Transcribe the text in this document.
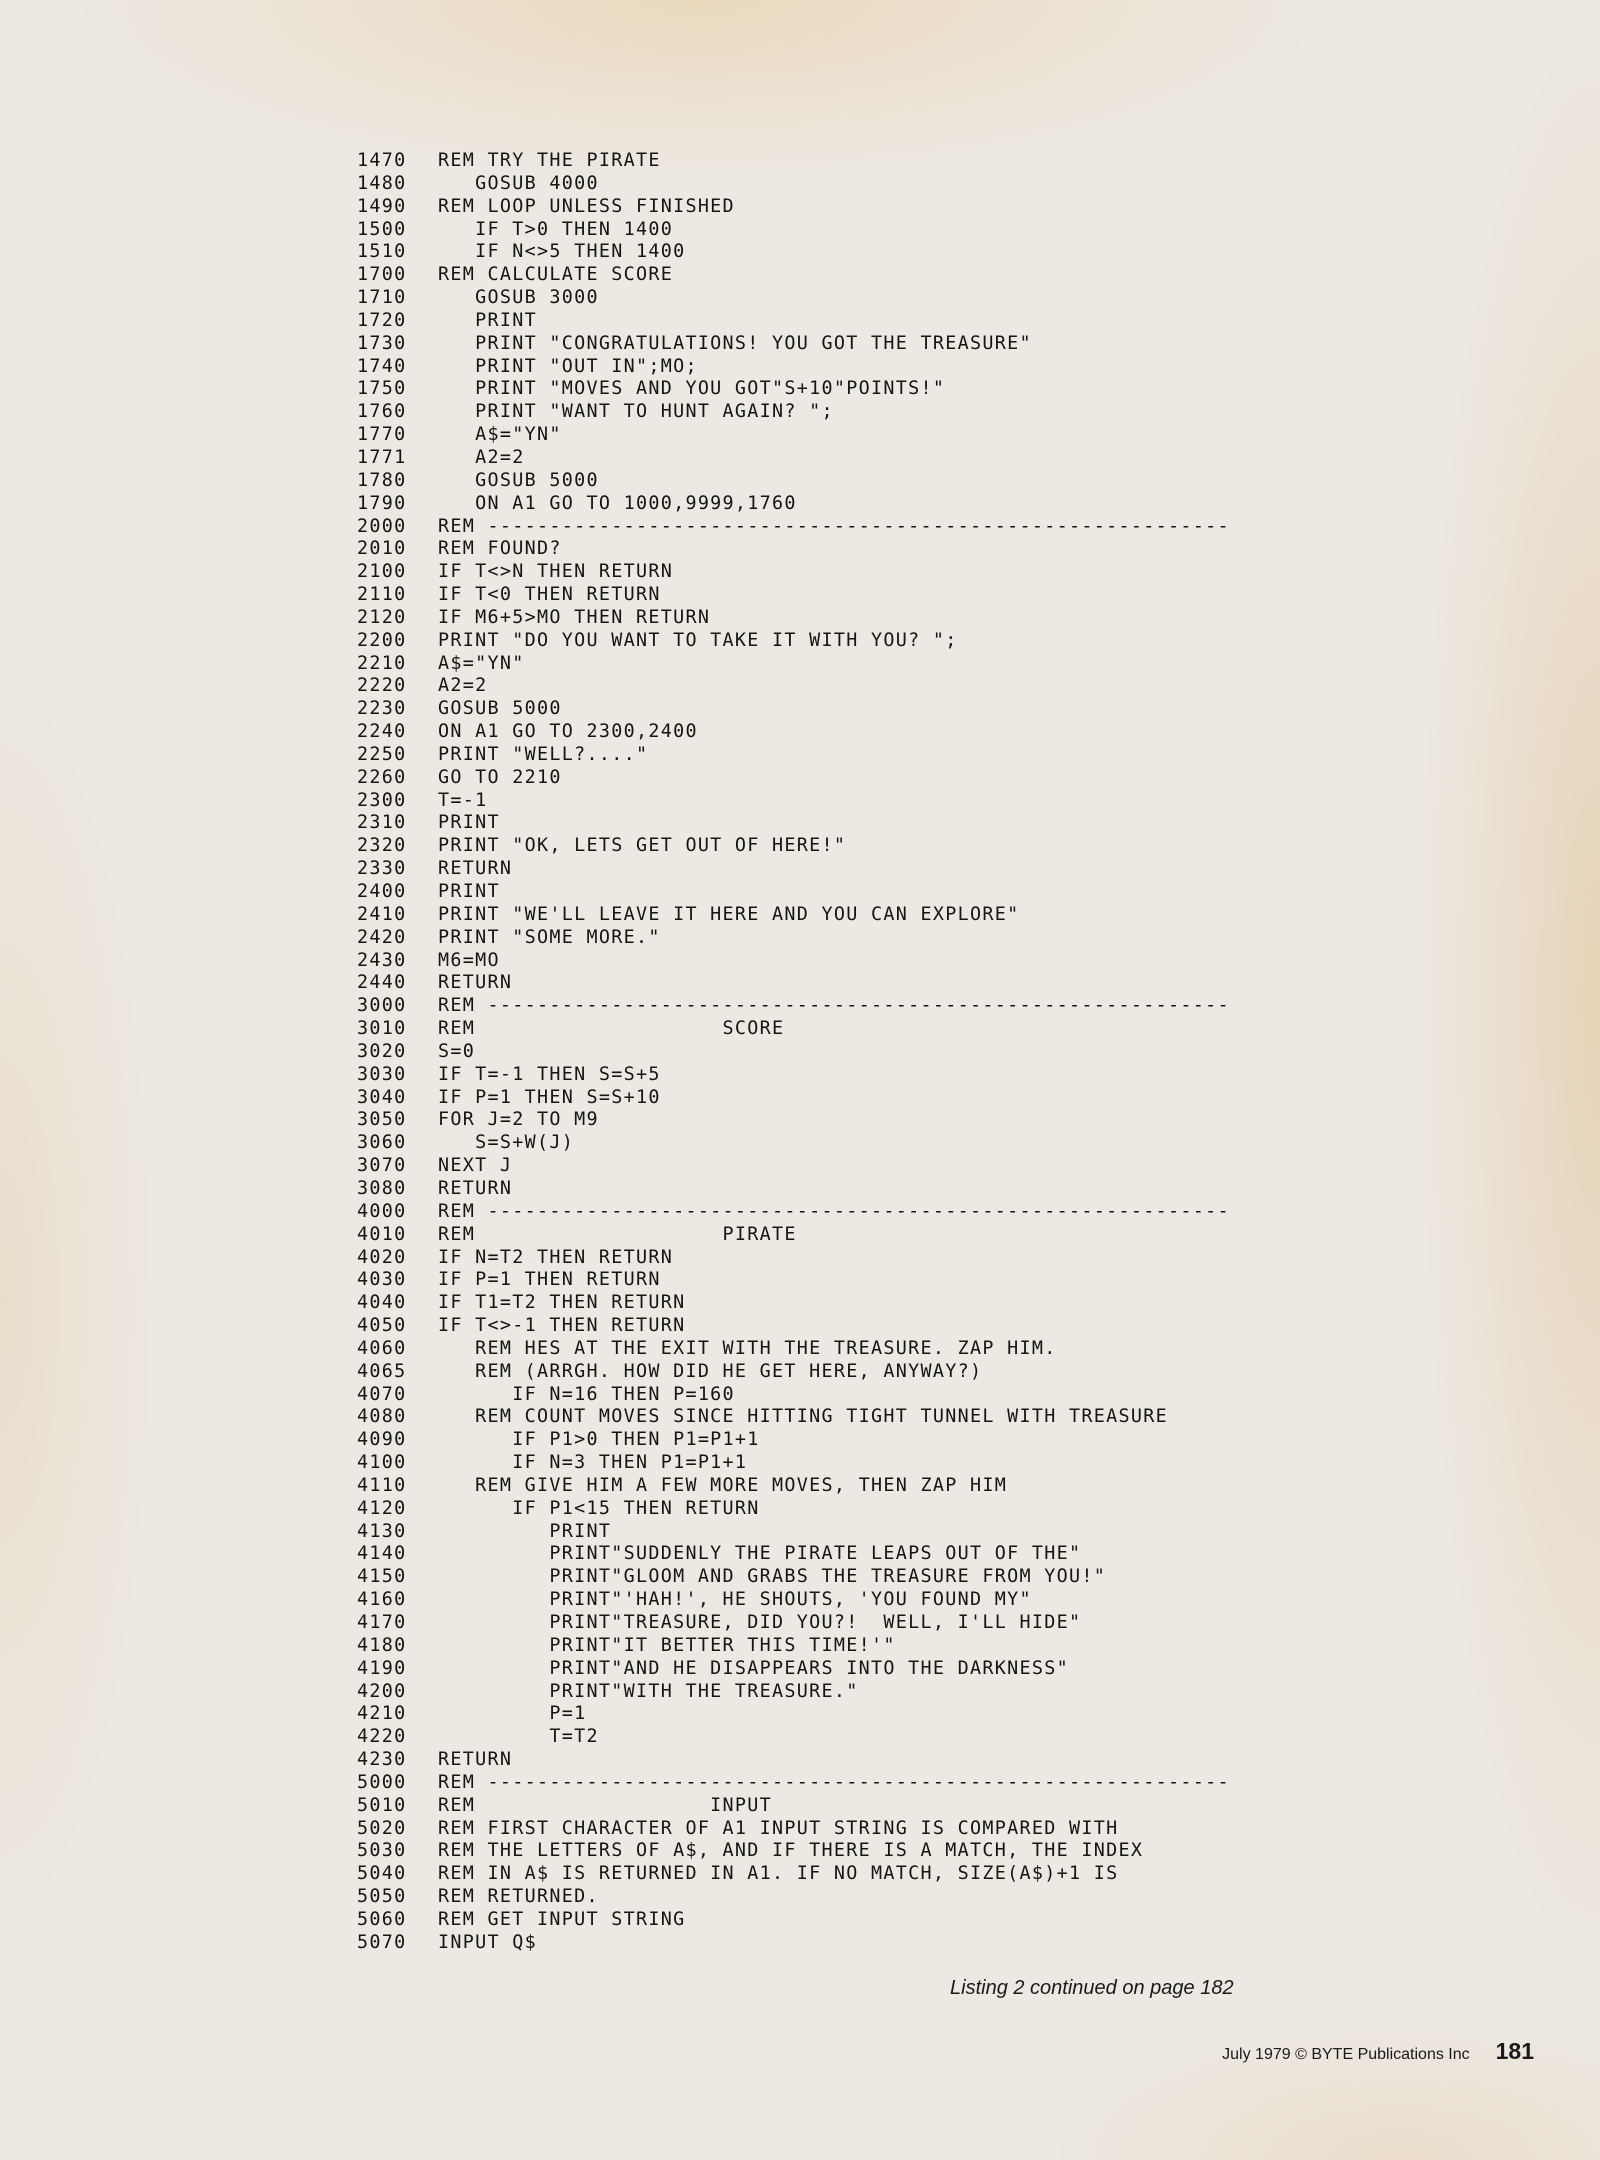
1470	REM TRY THE PIRATE
1480	GOSUB 4000
1490	REM LOOP UNLESS FINISHED
1500	IF T>0 THEN 1400
1510	IF N<>5 THEN 1400
1700	REM CALCULATE SCORE
1710	GOSUB 3000
1720	PRINT
1730	PRINT "CONGRATULATIONS! YOU GOT THE TREASURE"
1740	PRINT "OUT IN";MO;
1750	PRINT "MOVES AND YOU GOT"S+10"POINTS!"
1760	PRINT "WANT TO HUNT AGAIN? ";
1770	A$="YN"
1771	A2=2
1780	GOSUB 5000
1790	ON A1 GO TO 1000,9999,1760
2000	REM ------------------------------------------------------------
2010	REM FOUND?
2100	IF T<>N THEN RETURN
2110	IF T<0 THEN RETURN
2120	IF M6+5>MO THEN RETURN
2200	PRINT "DO YOU WANT TO TAKE IT WITH YOU? ";
2210	A$="YN"
2220	A2=2
2230	GOSUB 5000
2240	ON A1 GO TO 2300,2400
2250	PRINT "WELL?...."
2260	GO TO 2210
2300	T=-1
2310	PRINT
2320	PRINT "OK, LETS GET OUT OF HERE!"
2330	RETURN
2400	PRINT
2410	PRINT "WE'LL LEAVE IT HERE AND YOU CAN EXPLORE"
2420	PRINT "SOME MORE."
2430	M6=MO
2440	RETURN
3000	REM ------------------------------------------------------------
3010	REM                    SCORE
3020	S=0
3030	IF T=-1 THEN S=S+5
3040	IF P=1 THEN S=S+10
3050	FOR J=2 TO M9
3060	S=S+W(J)
3070	NEXT J
3080	RETURN
4000	REM ------------------------------------------------------------
4010	REM                    PIRATE
4020	IF N=T2 THEN RETURN
4030	IF P=1 THEN RETURN
4040	IF T1=T2 THEN RETURN
4050	IF T<>-1 THEN RETURN
4060	REM HES AT THE EXIT WITH THE TREASURE. ZAP HIM.
4065	REM (ARRGH. HOW DID HE GET HERE, ANYWAY?)
4070	IF N=16 THEN P=160
4080	REM COUNT MOVES SINCE HITTING TIGHT TUNNEL WITH TREASURE
4090	IF P1>0 THEN P1=P1+1
4100	IF N=3 THEN P1=P1+1
4110	REM GIVE HIM A FEW MORE MOVES, THEN ZAP HIM
4120	IF P1<15 THEN RETURN
4130	PRINT
4140	PRINT"SUDDENLY THE PIRATE LEAPS OUT OF THE"
4150	PRINT"GLOOM AND GRABS THE TREASURE FROM YOU!"
4160	PRINT"'HAH!', HE SHOUTS, 'YOU FOUND MY"
4170	PRINT"TREASURE, DID YOU?!  WELL, I'LL HIDE"
4180	PRINT"IT BETTER THIS TIME!'"
4190	PRINT"AND HE DISAPPEARS INTO THE DARKNESS"
4200	PRINT"WITH THE TREASURE."
4210	P=1
4220	T=T2
4230	RETURN
5000	REM ------------------------------------------------------------
5010	REM                   INPUT
5020	REM FIRST CHARACTER OF A1 INPUT STRING IS COMPARED WITH
5030	REM THE LETTERS OF A$, AND IF THERE IS A MATCH, THE INDEX
5040	REM IN A$ IS RETURNED IN A1. IF NO MATCH, SIZE(A$)+1 IS
5050	REM RETURNED.
5060	REM GET INPUT STRING
5070	INPUT Q$
Listing 2 continued on page 182
July 1979 © BYTE Publications Inc 181
